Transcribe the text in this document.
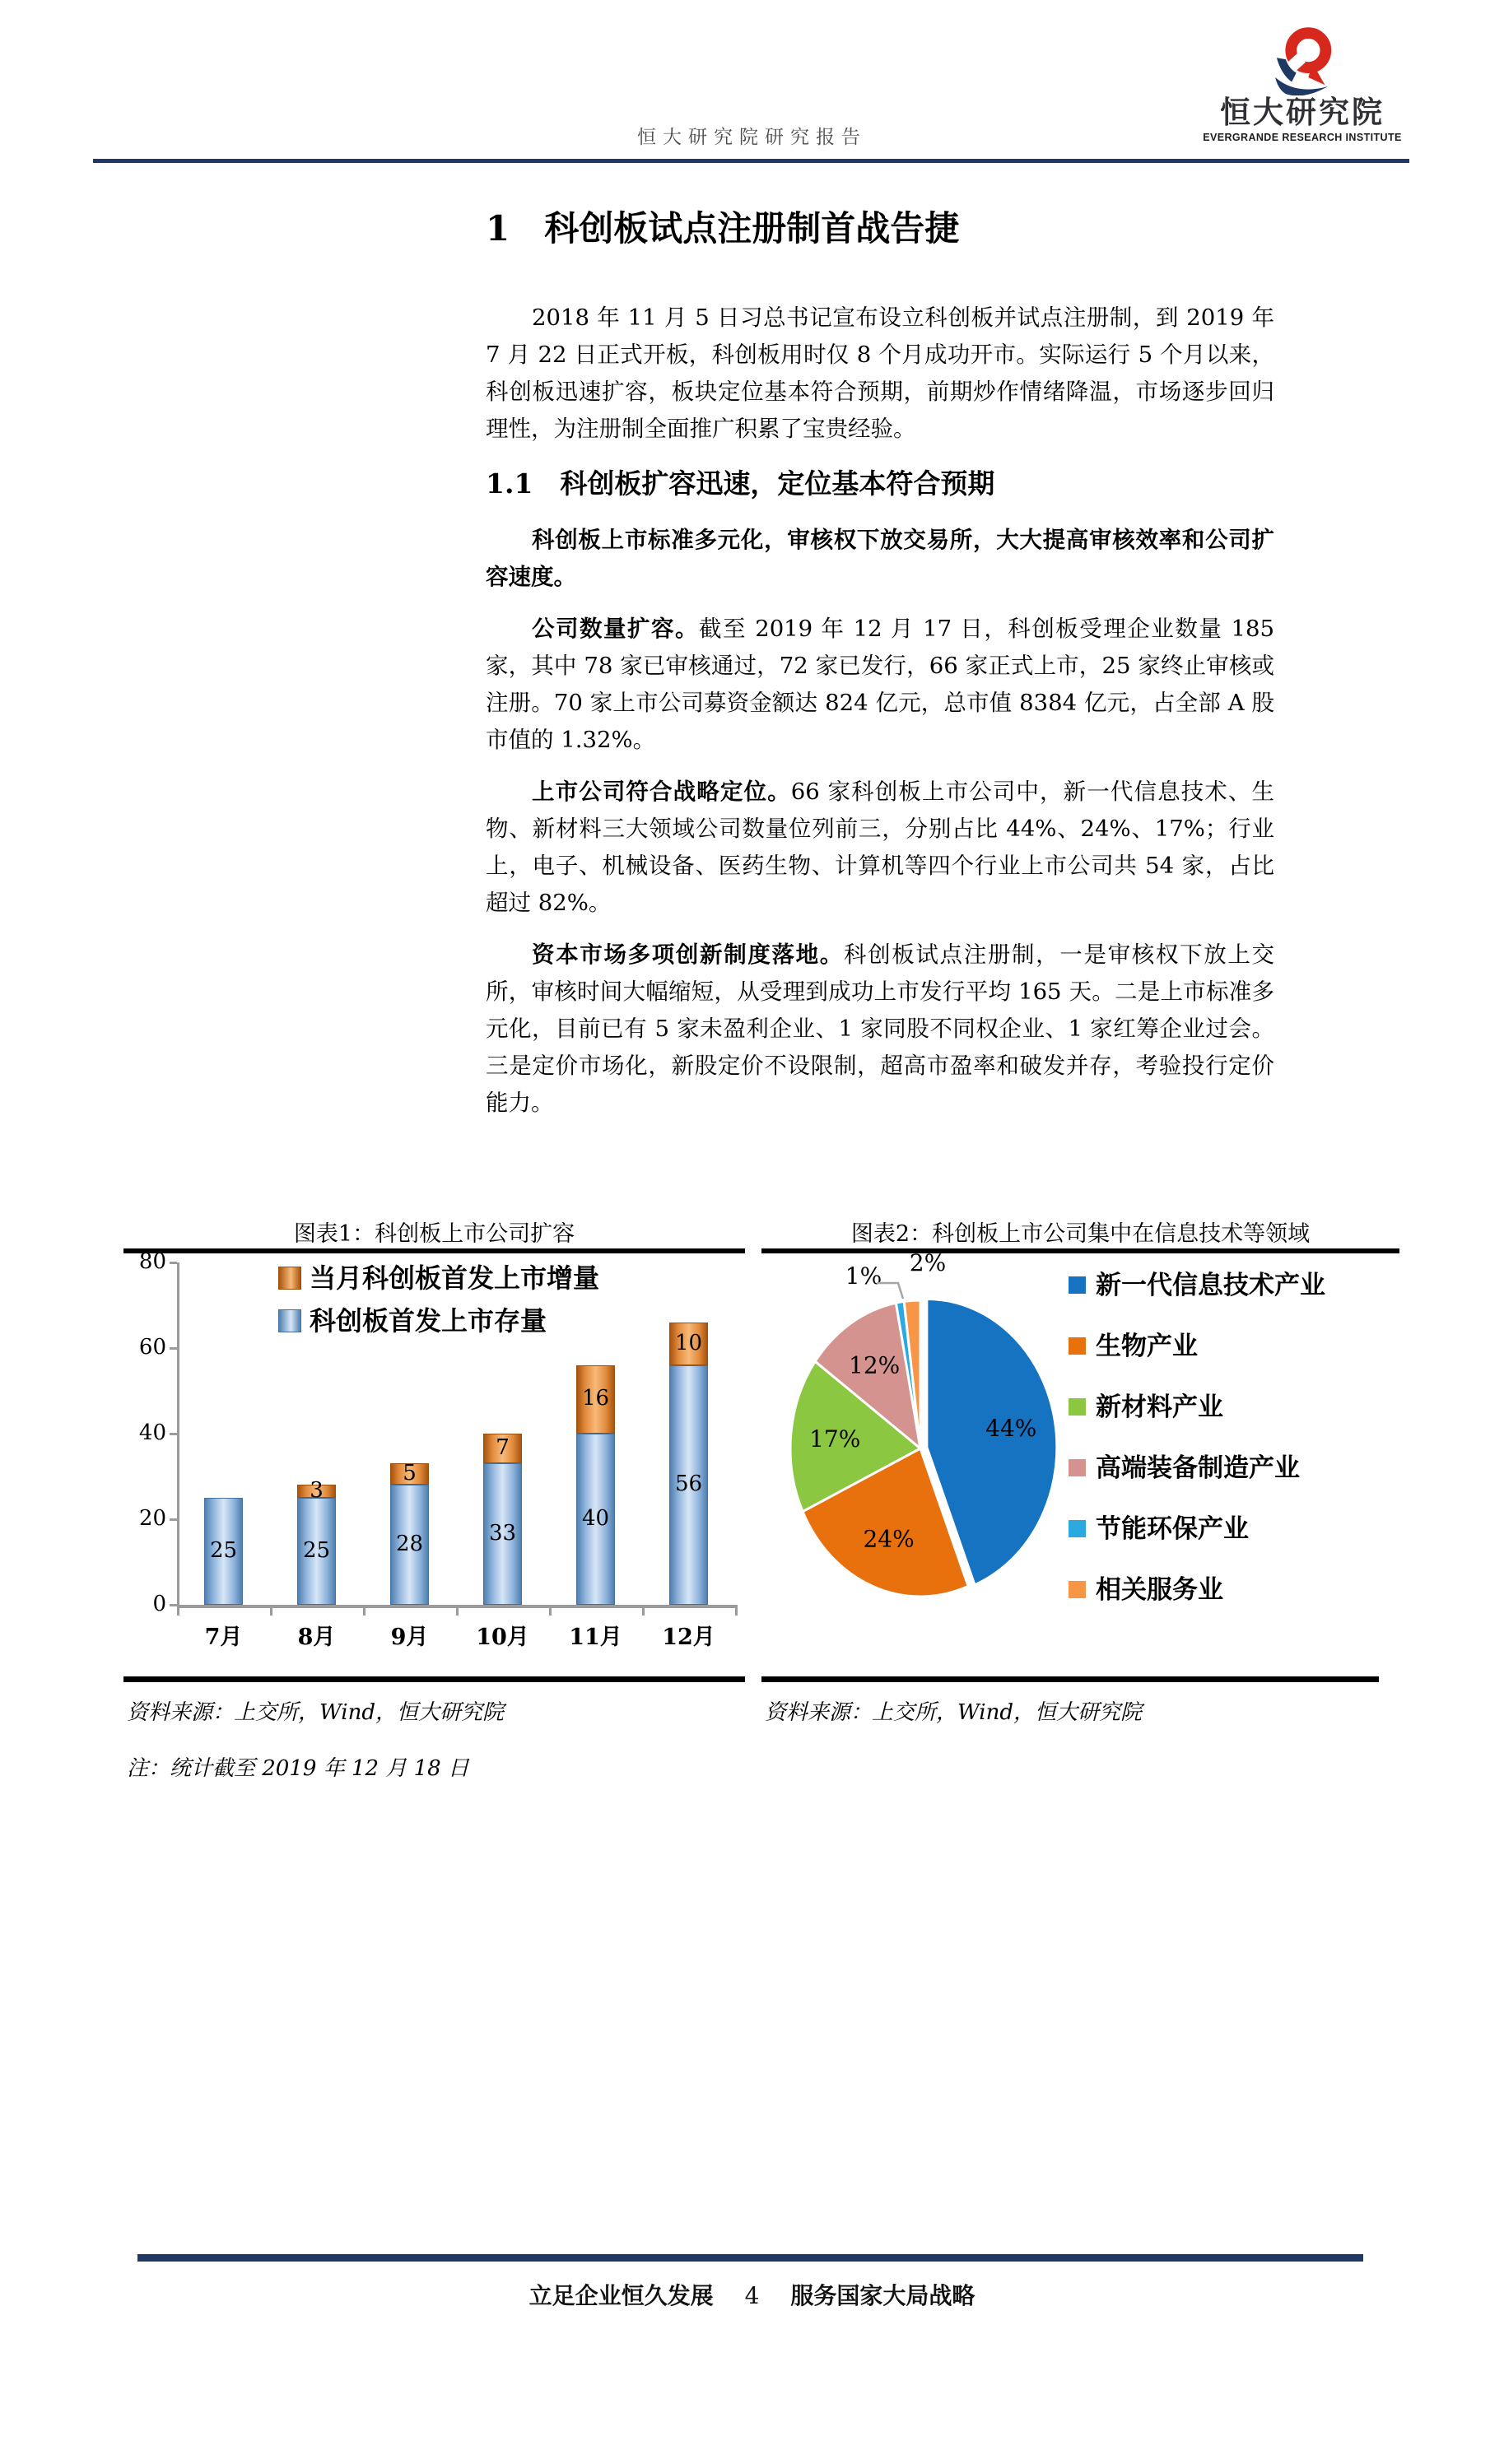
恒大研究院研究报告
恒大研究院
EVERGRANDE RESEARCH INSTITUTE
1　科创板试点注册制首战告捷

2018 年 11 月 5 日习总书记宣布设立科创板并试点注册制，到 2019 年 7 月 22 日正式开板，科创板用时仅 8 个月成功开市。实际运行 5 个月以来，科创板迅速扩容，板块定位基本符合预期，前期炒作情绪降温，市场逐步回归理性，为注册制全面推广积累了宝贵经验。

1.1　科创板扩容迅速，定位基本符合预期

科创板上市标准多元化，审核权下放交易所，大大提高审核效率和公司扩容速度。

公司数量扩容。截至 2019 年 12 月 17 日，科创板受理企业数量 185 家，其中 78 家已审核通过，72 家已发行，66 家正式上市，25 家终止审核或注册。70 家上市公司募资金额达 824 亿元，总市值 8384 亿元，占全部 A 股市值的 1.32%。

上市公司符合战略定位。66 家科创板上市公司中，新一代信息技术、生物、新材料三大领域公司数量位列前三，分别占比 44%、24%、17%；行业上，电子、机械设备、医药生物、计算机等四个行业上市公司共 54 家，占比超过 82%。

资本市场多项创新制度落地。科创板试点注册制，一是审核权下放上交所，审核时间大幅缩短，从受理到成功上市发行平均 165 天。二是上市标准多元化，目前已有 5 家未盈利企业、1 家同股不同权企业、1 家红筹企业过会。三是定价市场化，新股定价不设限制，超高市盈率和破发并存，考验投行定价能力。

图表1：科创板上市公司扩容
当月科创板首发上市增量
科创板首发上市存量
0
20
40
60
80
25
7月
25
3
8月
28
5
9月
33
7
10月
40
16
11月
56
10
12月
资料来源：上交所，Wind，恒大研究院
注：统计截至 2019 年 12 月 18 日
图表2：科创板上市公司集中在信息技术等领域
44%
24%
17%
12%
1% 2%
新一代信息技术产业
生物产业
新材料产业
高端装备制造产业
节能环保产业
相关服务业
资料来源：上交所，Wind，恒大研究院
立足企业恒久发展 4 服务国家大局战略
